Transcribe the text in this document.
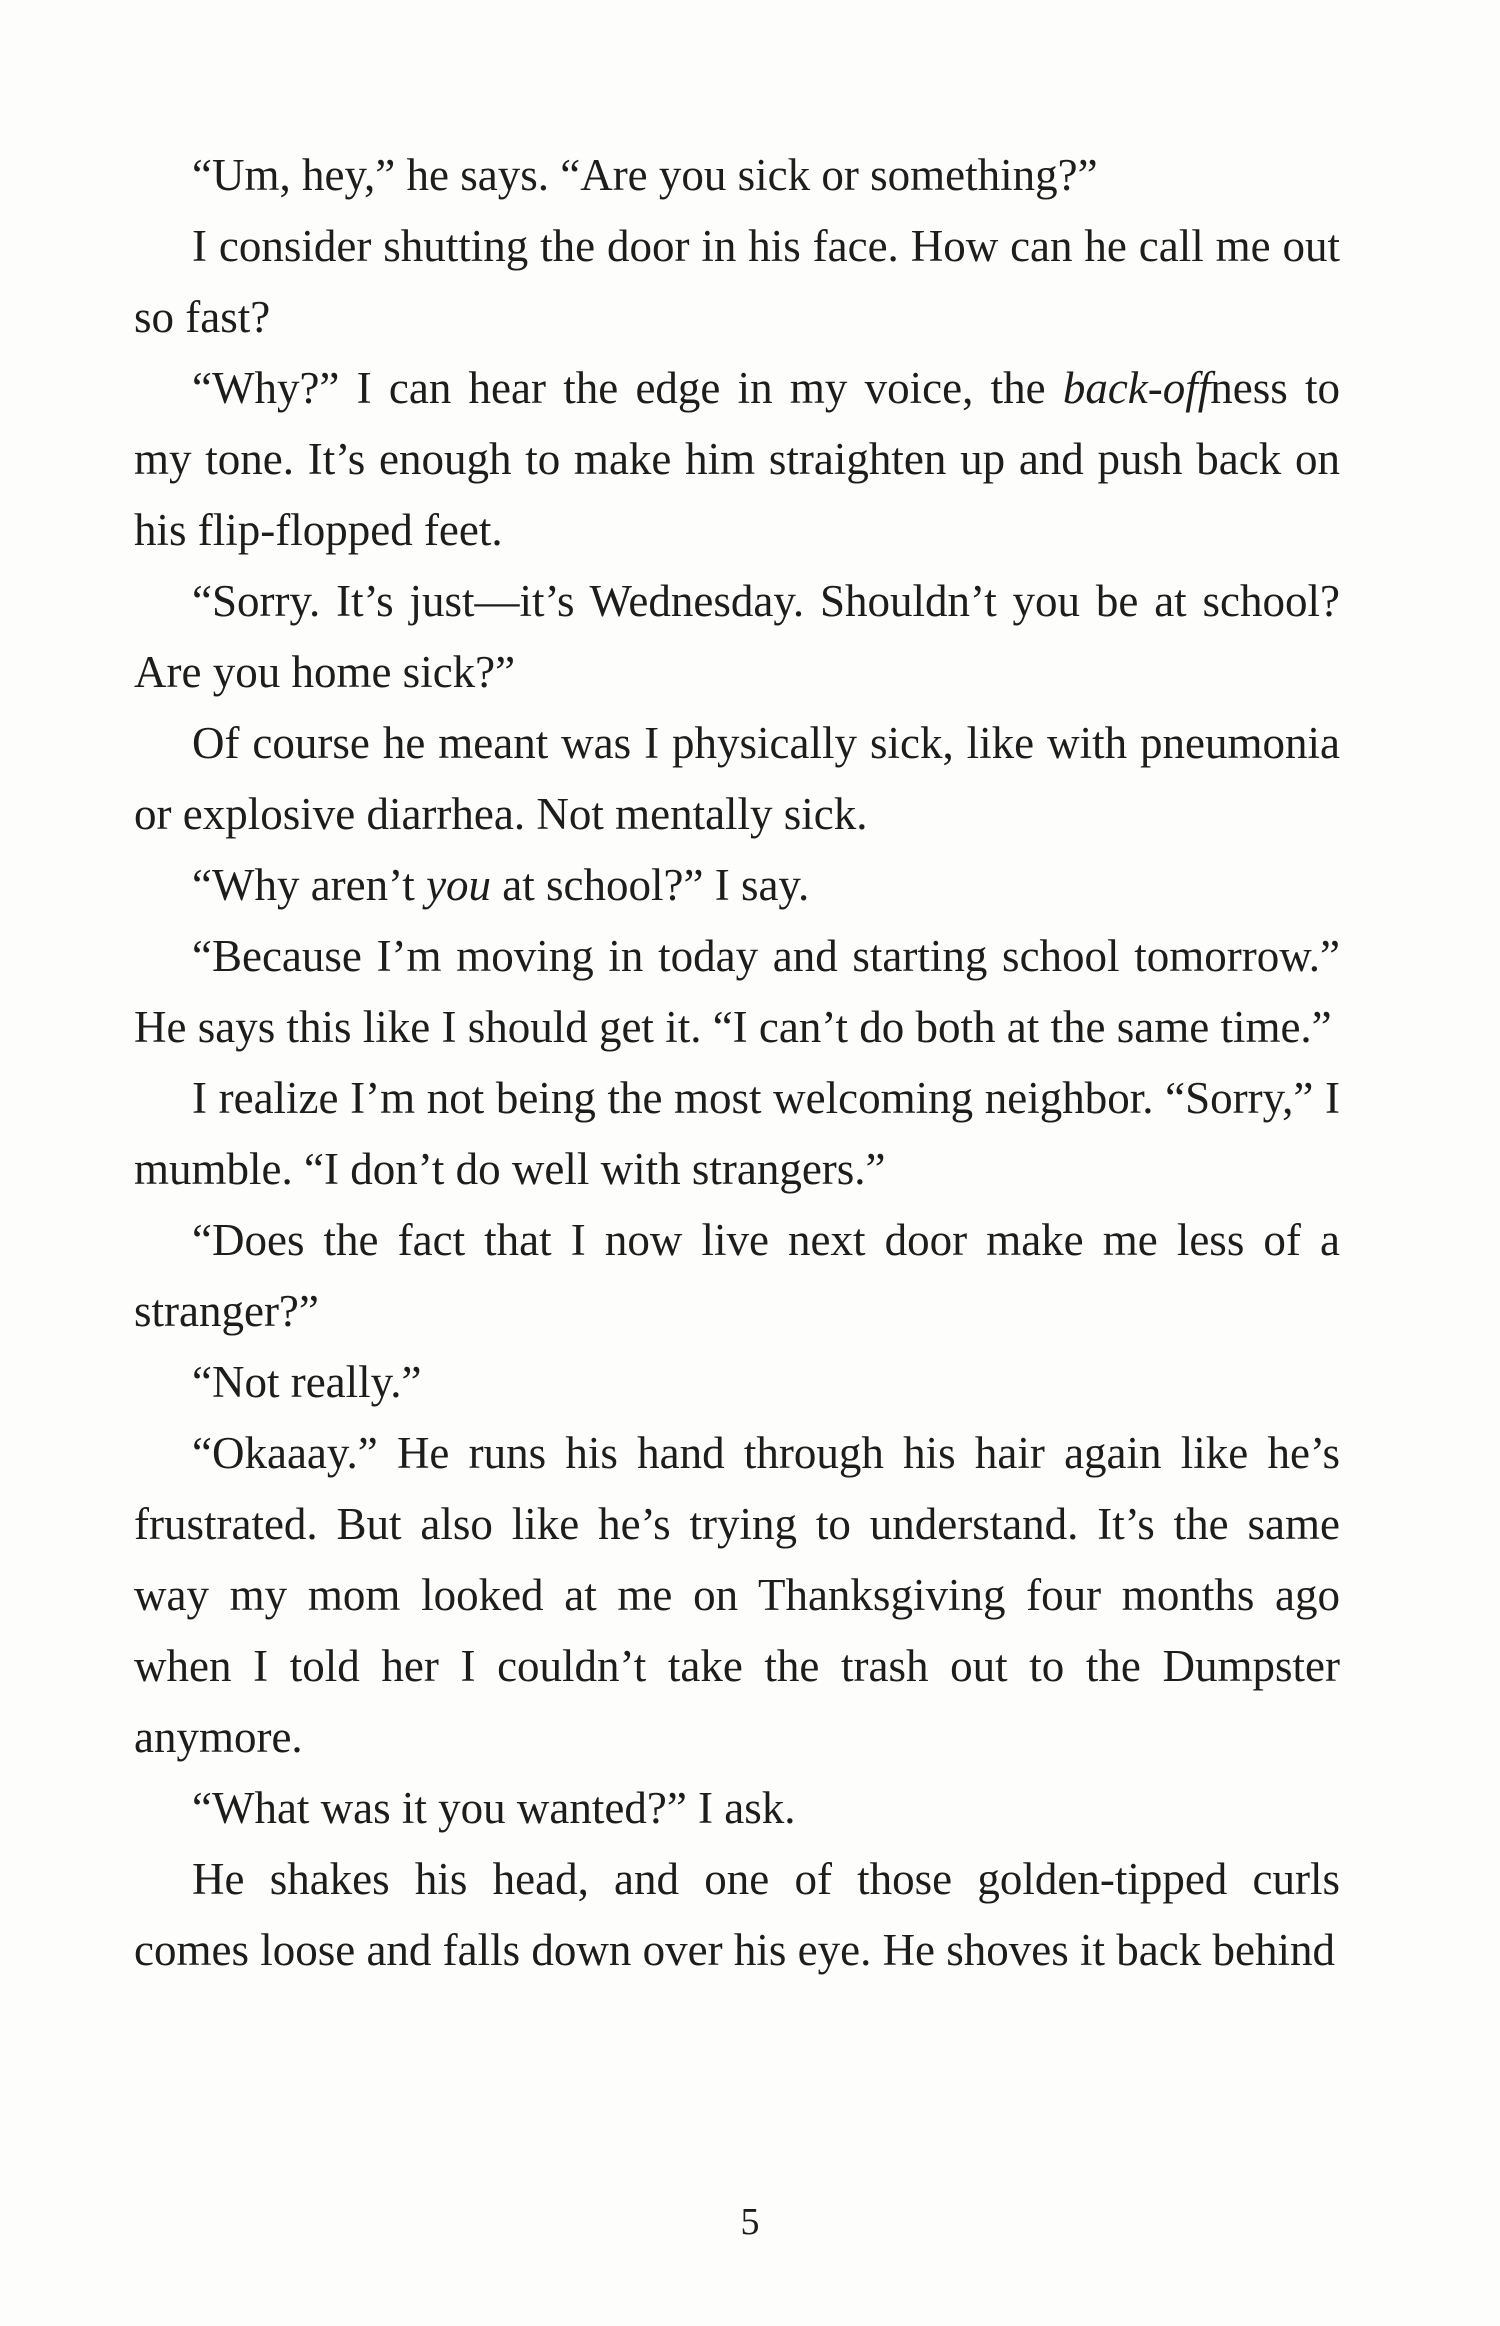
“Um, hey,” he says. “Are you sick or something?”

I consider shutting the door in his face. How can he call me out so fast?

“Why?” I can hear the edge in my voice, the back-offness to my tone. It’s enough to make him straighten up and push back on his flip-flopped feet.

“Sorry. It’s just—it’s Wednesday. Shouldn’t you be at school? Are you home sick?”

Of course he meant was I physically sick, like with pneumonia or explosive diarrhea. Not mentally sick.

“Why aren’t you at school?” I say.

“Because I’m moving in today and starting school tomorrow.” He says this like I should get it. “I can’t do both at the same time.”

I realize I’m not being the most welcoming neighbor. “Sorry,” I mumble. “I don’t do well with strangers.”

“Does the fact that I now live next door make me less of a stranger?”

“Not really.”

“Okaaay.” He runs his hand through his hair again like he’s frustrated. But also like he’s trying to understand. It’s the same way my mom looked at me on Thanksgiving four months ago when I told her I couldn’t take the trash out to the Dumpster anymore.

“What was it you wanted?” I ask.

He shakes his head, and one of those golden-tipped curls comes loose and falls down over his eye. He shoves it back behind

5
